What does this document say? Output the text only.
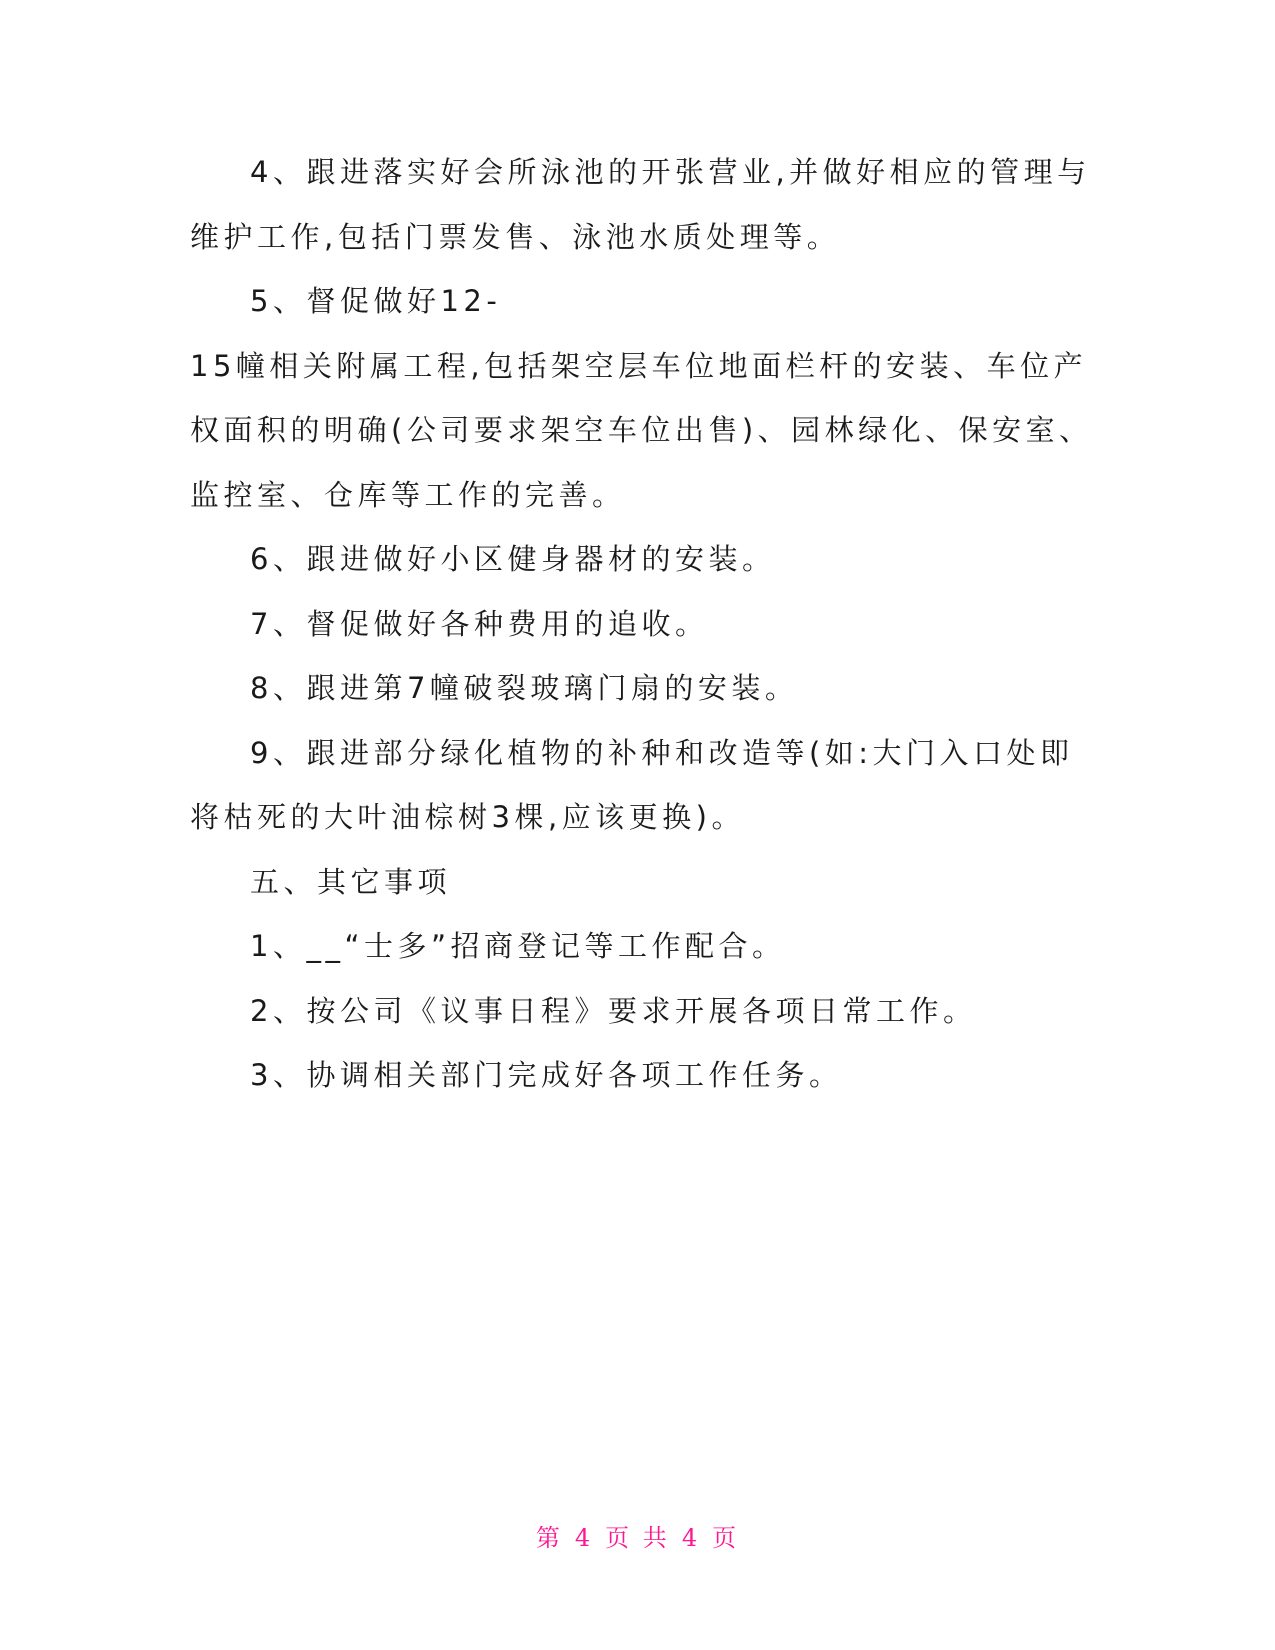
4、跟进落实好会所泳池的开张营业,并做好相应的管理与

维护工作,包括门票发售、泳池水质处理等。

5、督促做好12-

15幢相关附属工程,包括架空层车位地面栏杆的安装、车位产

权面积的明确(公司要求架空车位出售)、园林绿化、保安室、

监控室、仓库等工作的完善。

6、跟进做好小区健身器材的安装。

7、督促做好各种费用的追收。

8、跟进第7幢破裂玻璃门扇的安装。

9、跟进部分绿化植物的补种和改造等(如:大门入口处即

将枯死的大叶油棕树3棵,应该更换)。

五、其它事项

1、__“士多”招商登记等工作配合。

2、按公司《议事日程》要求开展各项日常工作。

3、协调相关部门完成好各项工作任务。

第 4 页 共 4 页
